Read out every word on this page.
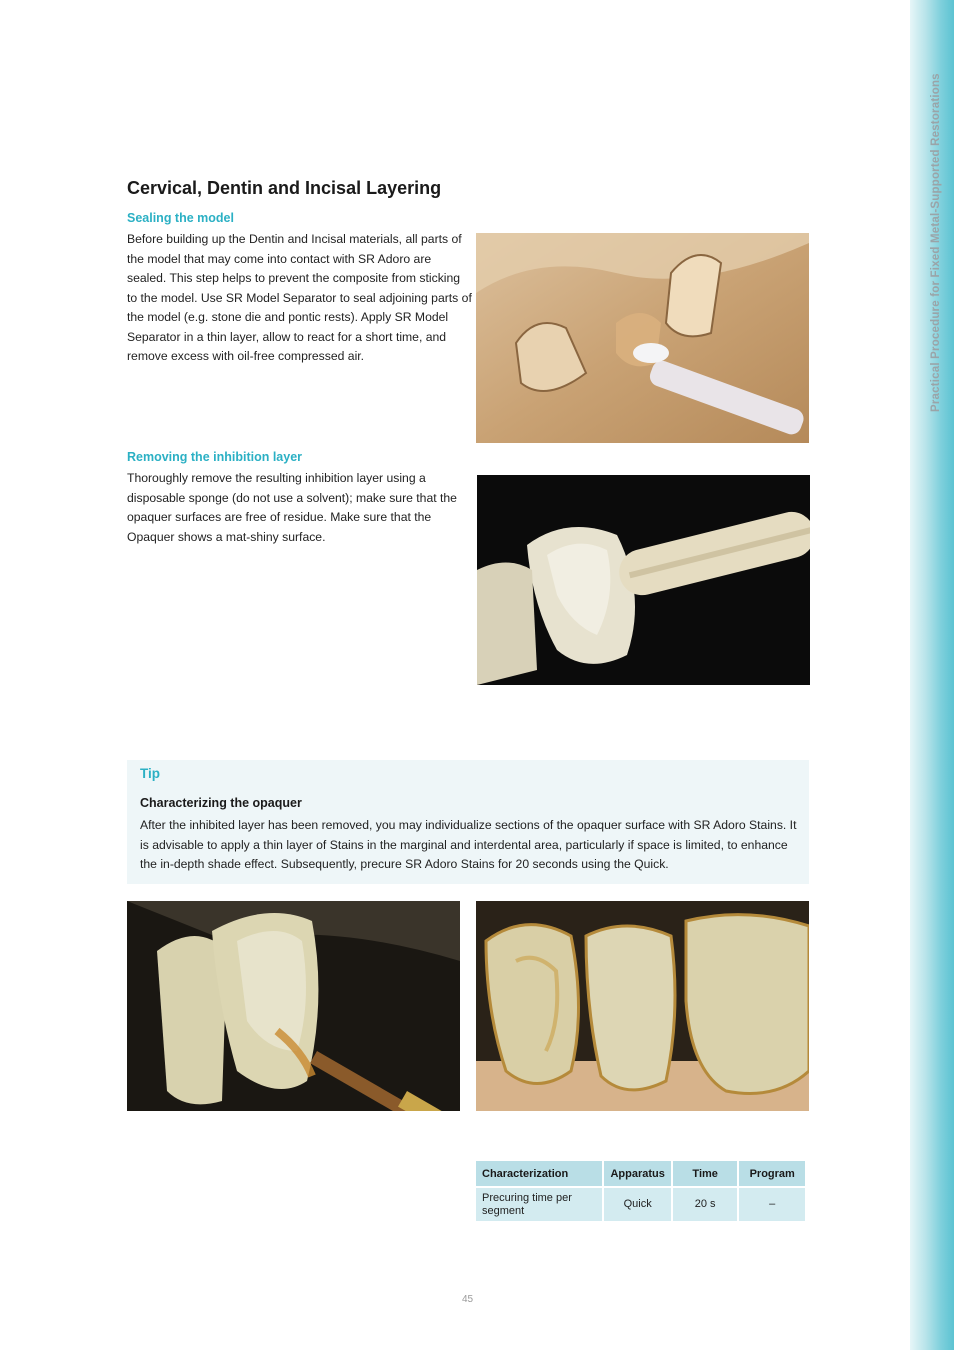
Practical Procedure for Fixed Metal-Supported Restorations
Cervical, Dentin and Incisal Layering
Sealing the model

Before building up the Dentin and Incisal materials, all parts of the model that may come into contact with SR Adoro are sealed. This step helps to prevent the composite from sticking to the model. Use SR Model Separator to seal adjoining parts of the model (e.g. stone die and pontic rests). Apply SR Model Separator in a thin layer, allow to react for a short time, and remove excess with oil-free compressed air.

Removing the inhibition layer

Thoroughly remove the resulting inhibition layer using a disposable sponge (do not use a solvent); make sure that the opaquer surfaces are free of residue. Make sure that the Opaquer shows a mat-shiny surface.

Tip
Characterizing the opaquer
After the inhibited layer has been removed, you may individualize sections of the opaquer surface with SR Adoro Stains. It is advisable to apply a thin layer of Stains in the marginal and interdental area, particularly if space is limited, to enhance the in-depth shade effect. Subsequently, precure SR Adoro Stains for 20 seconds using the Quick.
Characterization	Apparatus	Time	Program
Precuring time per segment	Quick	20 s	–
45
